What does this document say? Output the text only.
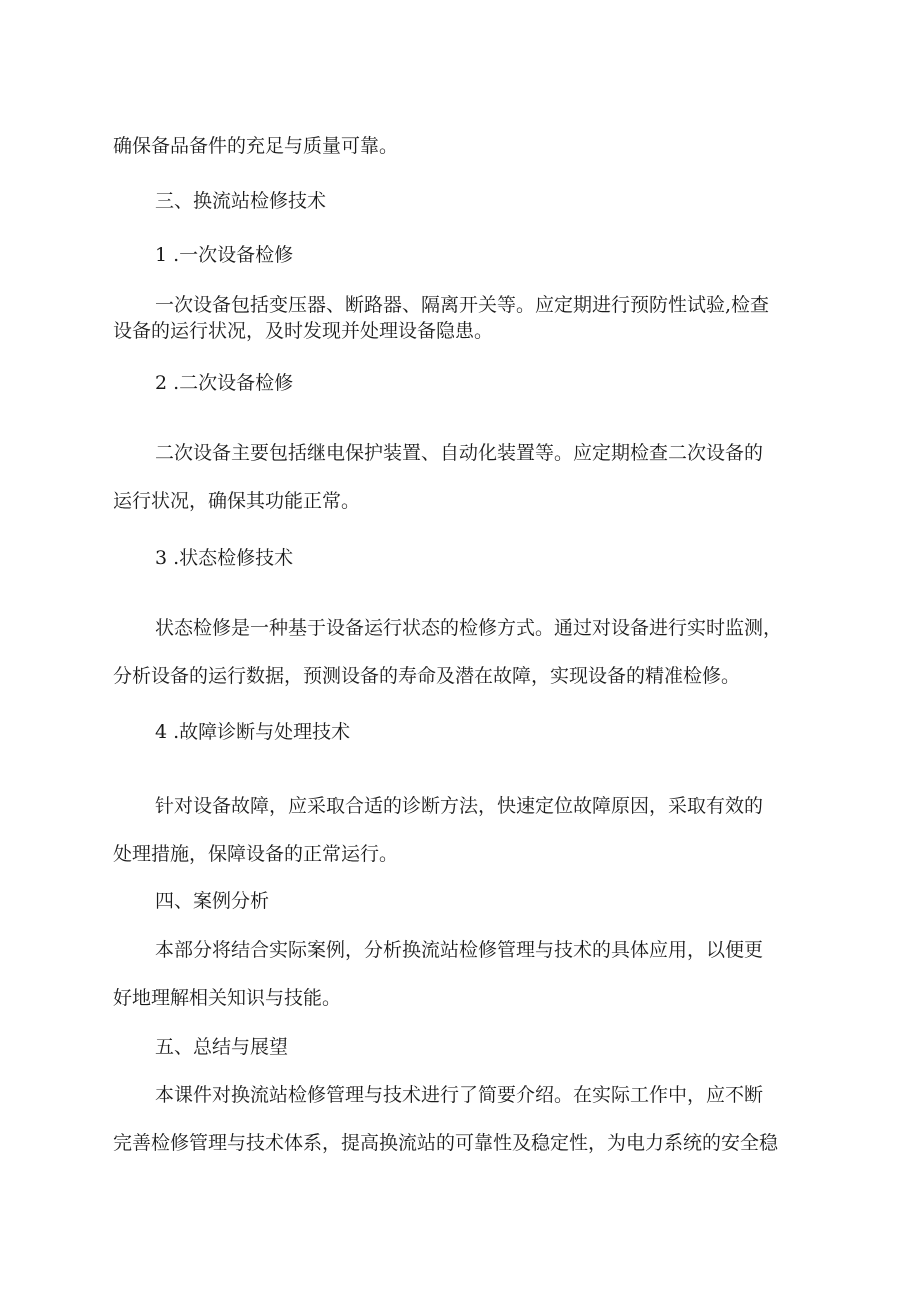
确保备品备件的充足与质量可靠。

三、换流站检修技术

1 .一次设备检修

一次设备包括变压器、断路器、隔离开关等。应定期进行预防性试验,检查

设备的运行状况，及时发现并处理设备隐患。

2 .二次设备检修

二次设备主要包括继电保护装置、自动化装置等。应定期检查二次设备的

运行状况，确保其功能正常。

3 .状态检修技术

状态检修是一种基于设备运行状态的检修方式。通过对设备进行实时监测，

分析设备的运行数据，预测设备的寿命及潜在故障，实现设备的精准检修。

4 .故障诊断与处理技术

针对设备故障，应采取合适的诊断方法，快速定位故障原因，采取有效的

处理措施，保障设备的正常运行。

四、案例分析

本部分将结合实际案例，分析换流站检修管理与技术的具体应用，以便更

好地理解相关知识与技能。

五、总结与展望

本课件对换流站检修管理与技术进行了简要介绍。在实际工作中，应不断

完善检修管理与技术体系，提高换流站的可靠性及稳定性，为电力系统的安全稳
